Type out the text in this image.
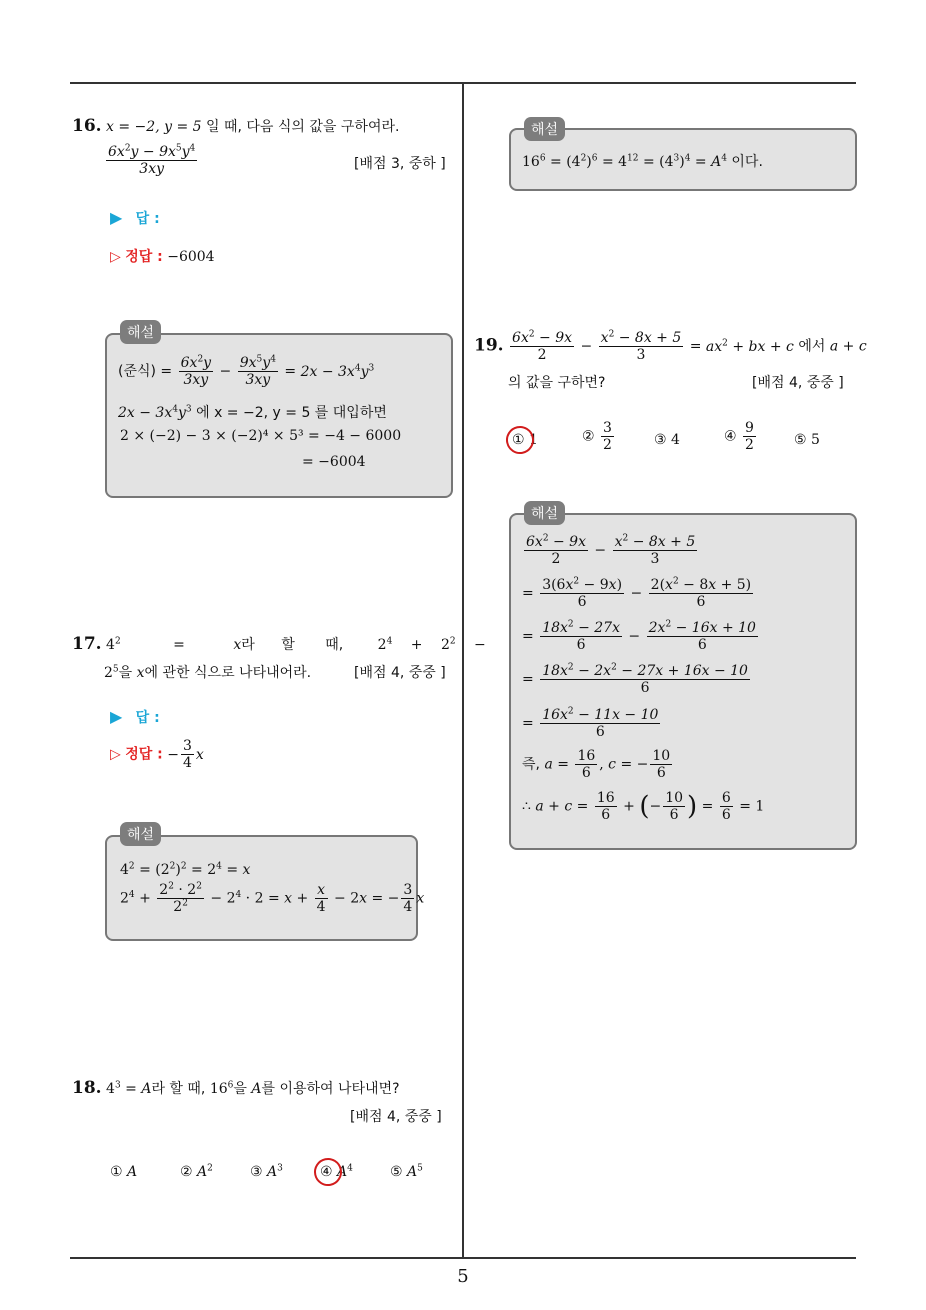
5
16. x = −2, y = 5 일 때, 다음 식의 값을 구하여라.
$\frac{6x^2y - 9x^5y^4}{3xy}$	[배점 3, 중하 ]
▶ 답 :
▷ 정답 : −6004
해설
(준식) = $\frac{6x^2y}{3xy} - \frac{9x^5y^4}{3xy} = 2x - 3x^4y^3$
$2x - 3x^4y^3$ 에 x = −2, y = 5 를 대입하면
2 × (−2) − 3 × (−2)⁴ × 5³ = −4 − 6000
= −6004
17. $4^2$	=	x라 할 때, $2^4 + 2^2$ −
$2^5$을 x에 관한 식으로 나타내어라.	[배점 4, 중중 ]
▶ 답 :
▷ 정답 : − $\frac{3}{4}$ x
해설
$4^2 = (2^2)^2 = 2^4 = x$
$2^4 + \frac{2^2 \cdot 2^2}{2^2} - 2^4 \cdot 2 = x + \frac{x}{4} - 2x$ = − $\frac{3}{4}$ x
18. $4^3 = A$라 할 때, $16^6$을 A를 이용하여 나타내면?
[배점 4, 중중 ]
① A	② $A^2$	③ $A^3$	④ $A^4$	⑤ $A^5$
해설
$16^6 = (4^2)^6 = 4^{12} = (4^3)^4 = A^4$ 이다.
19. $\frac{6x^2 - 9x}{2} - \frac{x^2 - 8x + 5}{3} = ax^2$ + bx + c 에서 a + c
의 값을 구하면?	[배점 4, 중중 ]
①
1	② $\frac{3}{2}$	③ 4	④ $\frac{9}{2}$	⑤ 5
해설
$\frac{6x^2 - 9x}{2} - \frac{x^2 - 8x + 5}{3}$
= $\frac{3(6x^2 - 9x)}{6} - \frac{2(x^2 - 8x + 5)}{6}$
= $\frac{18x^2 - 27x}{6} - \frac{2x^2 - 16x + 10}{6}$
= $\frac{18x^2 - 2x^2 - 27x + 16x - 10}{6}$
= $\frac{16x^2 - 11x - 10}{6}$
즉, $a = \frac{16}{6}$ , c = − $\frac{10}{6}$
∴ $a + c = \frac{16}{6}$ + (− $\frac{10}{6}$ ) = $\frac{6}{6} = 1$
